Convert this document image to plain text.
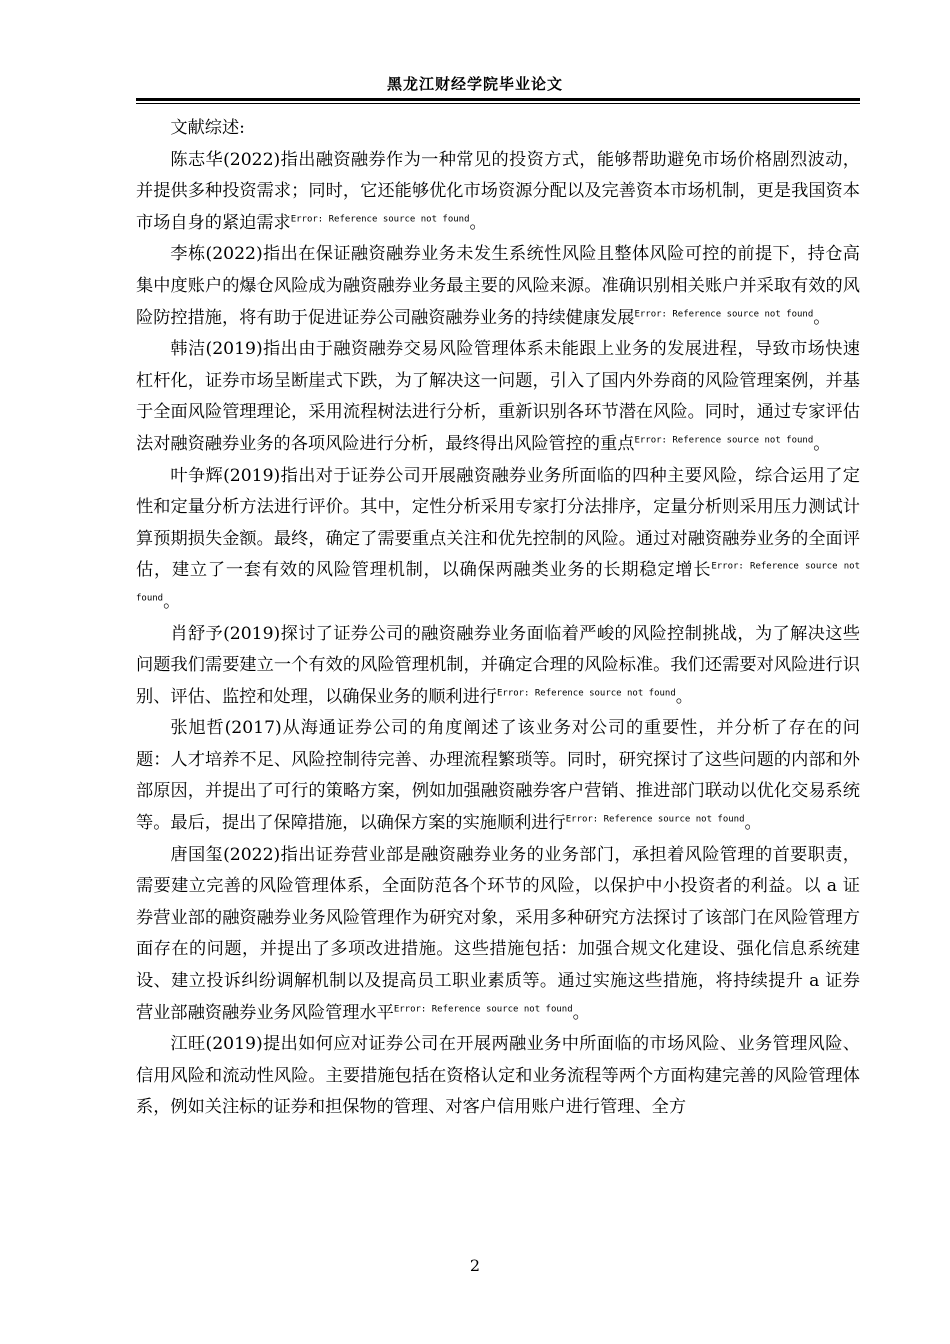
黑龙江财经学院毕业论文

文献综述:

陈志华(2022)指出融资融券作为一种常见的投资方式，能够帮助避免市场价格剧烈波动，并提供多种投资需求；同时，它还能够优化市场资源分配以及完善资本市场机制，更是我国资本市场自身的紧迫需求$^{Error: Reference source not found}$。

李栋(2022)指出在保证融资融券业务未发生系统性风险且整体风险可控的前提下，持仓高集中度账户的爆仓风险成为融资融券业务最主要的风险来源。准确识别相关账户并采取有效的风险防控措施，将有助于促进证券公司融资融券业务的持续健康发展$^{Error: Reference source not found}$。

韩洁(2019)指出由于融资融券交易风险管理体系未能跟上业务的发展进程，导致市场快速杠杆化，证券市场呈断崖式下跌，为了解决这一问题，引入了国内外券商的风险管理案例，并基于全面风险管理理论，采用流程树法进行分析，重新识别各环节潜在风险。同时，通过专家评估法对融资融券业务的各项风险进行分析，最终得出风险管控的重点$^{Error: Reference source not found}$。

叶争辉(2019)指出对于证券公司开展融资融券业务所面临的四种主要风险，综合运用了定性和定量分析方法进行评价。其中，定性分析采用专家打分法排序，定量分析则采用压力测试计算预期损失金额。最终，确定了需要重点关注和优先控制的风险。通过对融资融券业务的全面评估，建立了一套有效的风险管理机制，以确保两融类业务的长期稳定增长$^{Error: Reference source not found}$。

肖舒予(2019)探讨了证券公司的融资融券业务面临着严峻的风险控制挑战，为了解决这些问题我们需要建立一个有效的风险管理机制，并确定合理的风险标准。我们还需要对风险进行识别、评估、监控和处理，以确保业务的顺利进行$^{Error: Reference source not found}$。

张旭哲(2017)从海通证券公司的角度阐述了该业务对公司的重要性，并分析了存在的问题：人才培养不足、风险控制待完善、办理流程繁琐等。同时，研究探讨了这些问题的内部和外部原因，并提出了可行的策略方案，例如加强融资融券客户营销、推进部门联动以优化交易系统等。最后，提出了保障措施，以确保方案的实施顺利进行$^{Error: Reference source not found}$。

唐国玺(2022)指出证券营业部是融资融券业务的业务部门，承担着风险管理的首要职责，需要建立完善的风险管理体系，全面防范各个环节的风险，以保护中小投资者的利益。以 a 证券营业部的融资融券业务风险管理作为研究对象，采用多种研究方法探讨了该部门在风险管理方面存在的问题，并提出了多项改进措施。这些措施包括：加强合规文化建设、强化信息系统建设、建立投诉纠纷调解机制以及提高员工职业素质等。通过实施这些措施，将持续提升 a 证券营业部融资融券业务风险管理水平$^{Error: Reference source not found}$。

江旺(2019)提出如何应对证券公司在开展两融业务中所面临的市场风险、业务管理风险、信用风险和流动性风险。主要措施包括在资格认定和业务流程等两个方面构建完善的风险管理体系，例如关注标的证券和担保物的管理、对客户信用账户进行管理、全方

2
